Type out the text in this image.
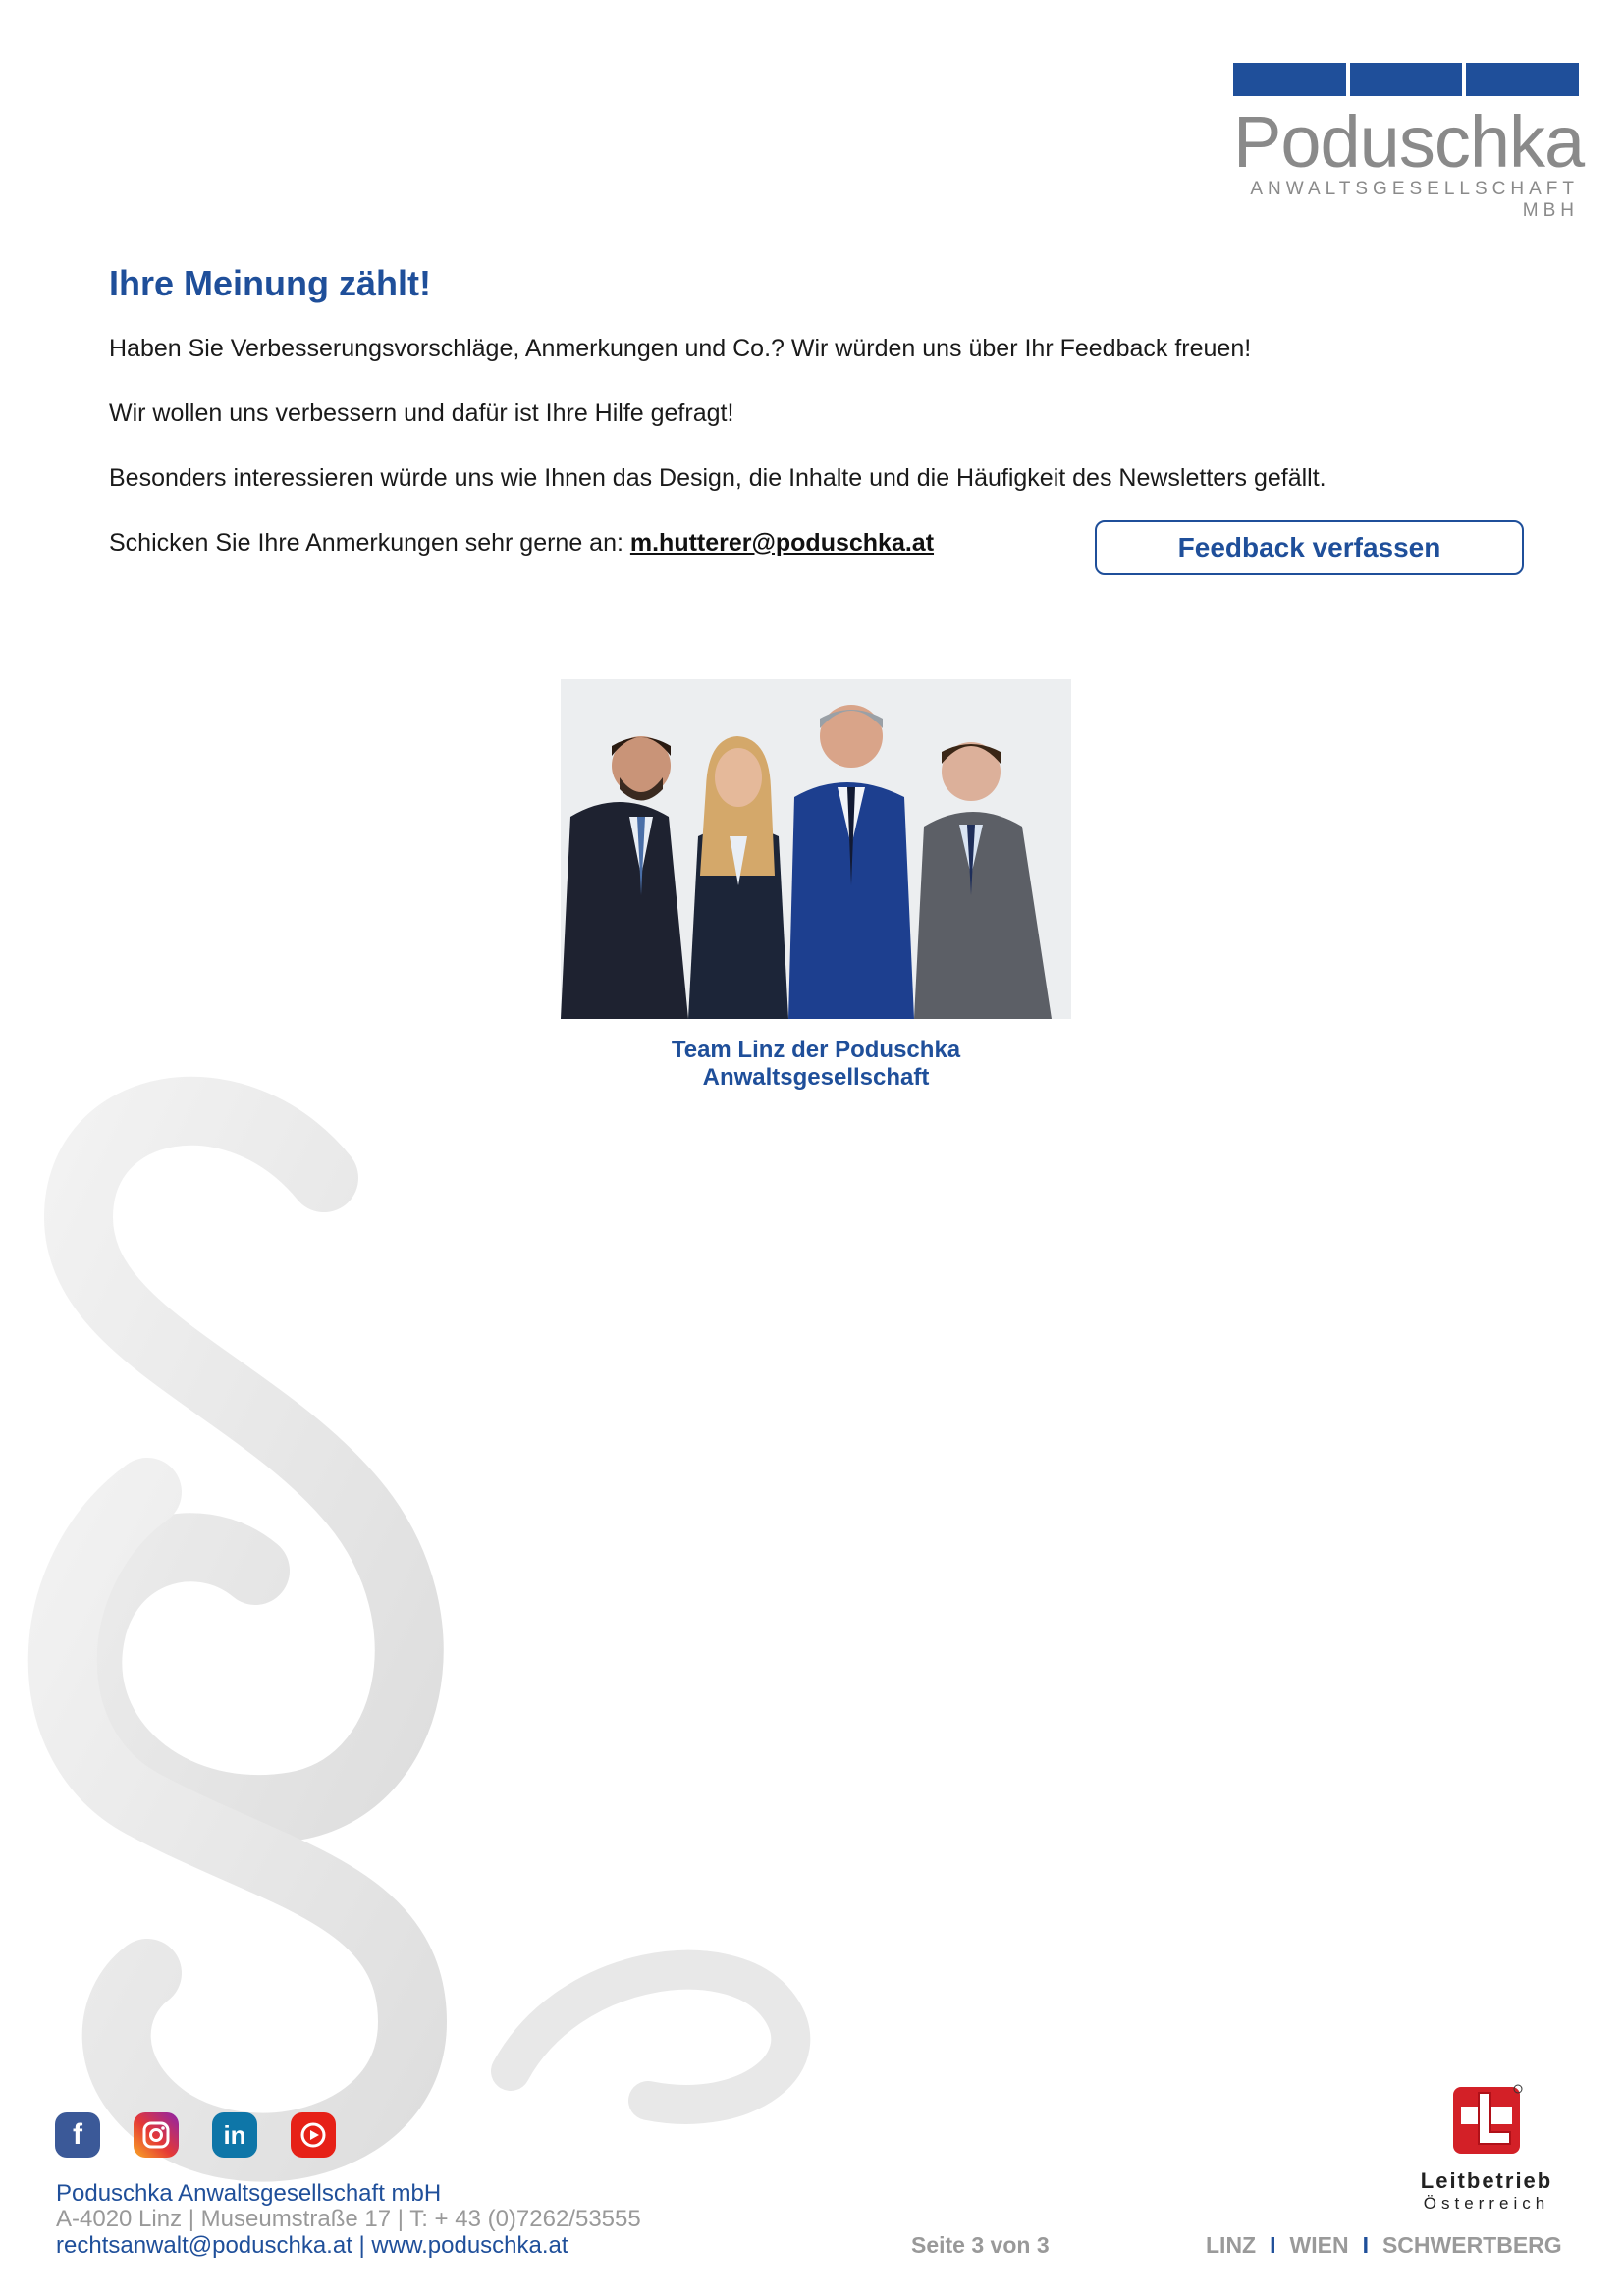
Poduschka
ANWALTSGESELLSCHAFT MBH
Ihre Meinung zählt!

Haben Sie Verbesserungsvorschläge, Anmerkungen und Co.? Wir würden uns über Ihr Feedback freuen!

Wir wollen uns verbessern und dafür ist Ihre Hilfe gefragt!

Besonders interessieren würde uns wie Ihnen das Design, die Inhalte und die Häufigkeit des Newsletters gefällt.

Schicken Sie Ihre Anmerkungen sehr gerne an: m.hutterer@poduschka.at	Feedback verfassen
Team Linz der Poduschka Anwaltsgesellschaft
f	in
Poduschka Anwaltsgesellschaft mbH
A-4020 Linz | Museumstraße 17 | T: + 43 (0)7262/53555
rechtsanwalt@poduschka.at | www.poduschka.at	Seite 3 von 3	LINZ I WIEN I SCHWERTBERG
Leitbetrieb
Österreich
